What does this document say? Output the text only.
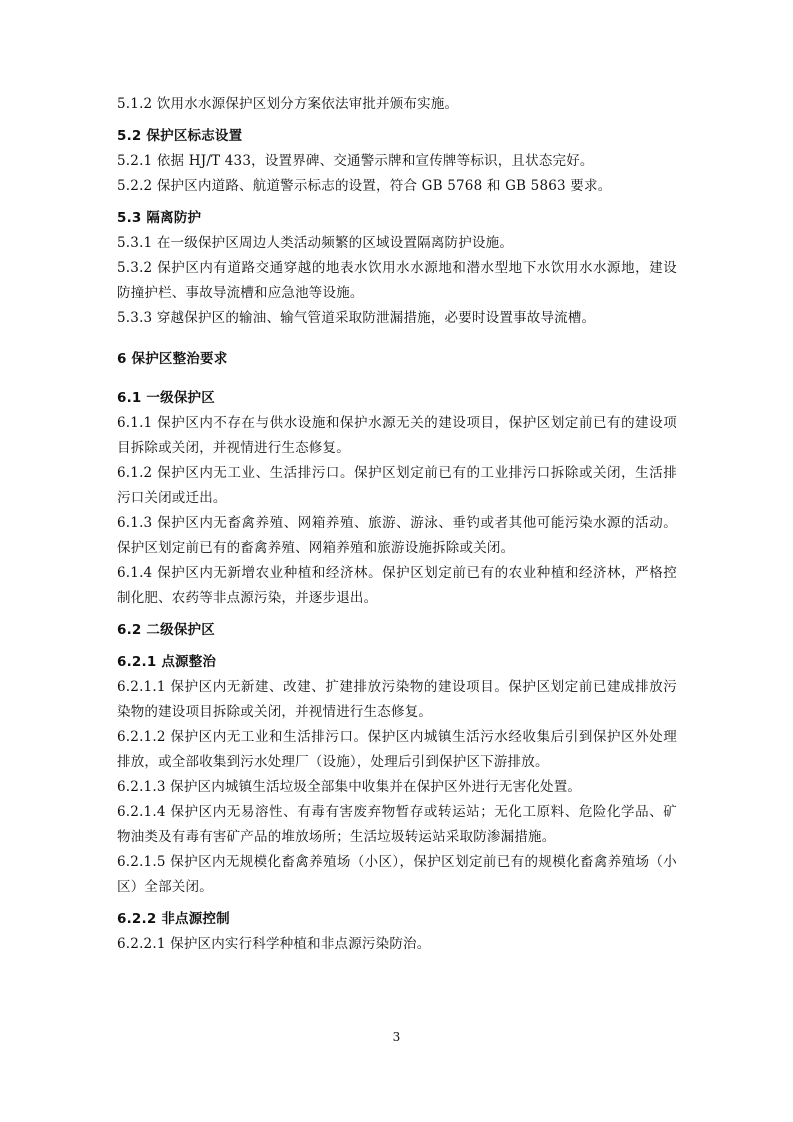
5.1.2 饮用水水源保护区划分方案依法审批并颁布实施。

5.2 保护区标志设置

5.2.1 依据 HJ/T 433，设置界碑、交通警示牌和宣传牌等标识，且状态完好。

5.2.2 保护区内道路、航道警示标志的设置，符合 GB 5768 和 GB 5863 要求。

5.3 隔离防护

5.3.1 在一级保护区周边人类活动频繁的区域设置隔离防护设施。

5.3.2 保护区内有道路交通穿越的地表水饮用水水源地和潜水型地下水饮用水水源地，建设防撞护栏、事故导流槽和应急池等设施。

5.3.3 穿越保护区的输油、输气管道采取防泄漏措施，必要时设置事故导流槽。

6 保护区整治要求

6.1 一级保护区

6.1.1 保护区内不存在与供水设施和保护水源无关的建设项目，保护区划定前已有的建设项目拆除或关闭，并视情进行生态修复。

6.1.2 保护区内无工业、生活排污口。保护区划定前已有的工业排污口拆除或关闭，生活排污口关闭或迁出。

6.1.3 保护区内无畜禽养殖、网箱养殖、旅游、游泳、垂钓或者其他可能污染水源的活动。保护区划定前已有的畜禽养殖、网箱养殖和旅游设施拆除或关闭。

6.1.4 保护区内无新增农业种植和经济林。保护区划定前已有的农业种植和经济林，严格控制化肥、农药等非点源污染，并逐步退出。

6.2 二级保护区

6.2.1 点源整治

6.2.1.1 保护区内无新建、改建、扩建排放污染物的建设项目。保护区划定前已建成排放污染物的建设项目拆除或关闭，并视情进行生态修复。

6.2.1.2 保护区内无工业和生活排污口。保护区内城镇生活污水经收集后引到保护区外处理排放，或全部收集到污水处理厂（设施），处理后引到保护区下游排放。

6.2.1.3 保护区内城镇生活垃圾全部集中收集并在保护区外进行无害化处置。

6.2.1.4 保护区内无易溶性、有毒有害废弃物暂存或转运站；无化工原料、危险化学品、矿物油类及有毒有害矿产品的堆放场所；生活垃圾转运站采取防渗漏措施。

6.2.1.5 保护区内无规模化畜禽养殖场（小区），保护区划定前已有的规模化畜禽养殖场（小区）全部关闭。

6.2.2 非点源控制

6.2.2.1 保护区内实行科学种植和非点源污染防治。

3
